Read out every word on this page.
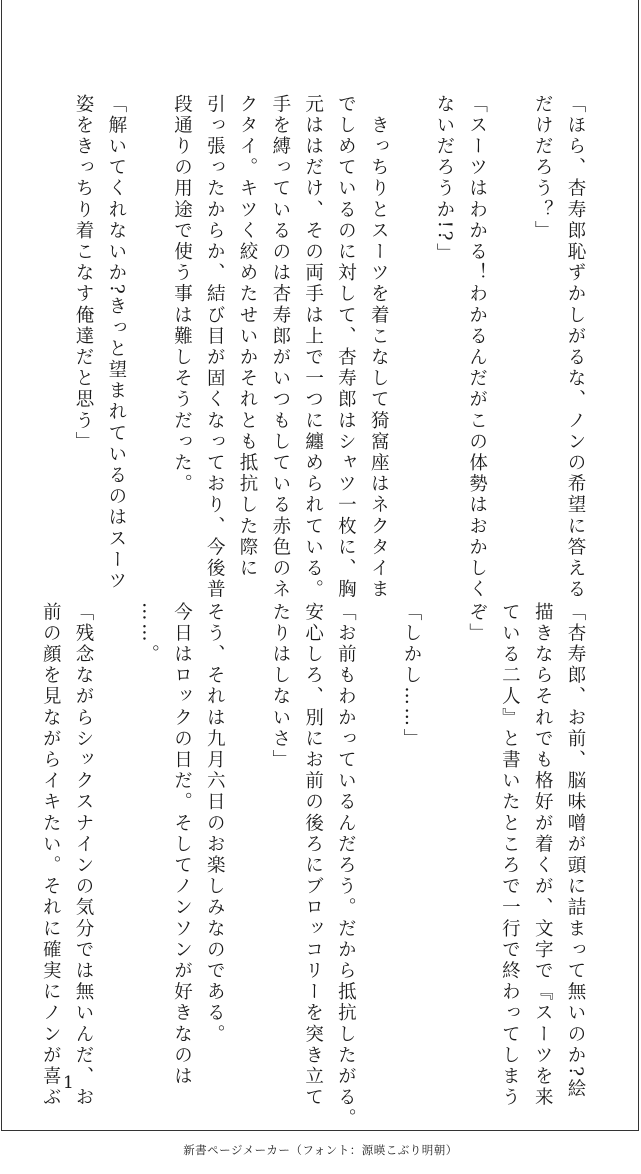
「ほら、杏寿郎恥ずかしがるな、ノンの希望に答える
だけだろう？」

「スーツはわかる！わかるんだがこの体勢はおかしく
ないだろうか!?」

　きっちりとスーツを着こなして猗窩座はネクタイま
でしめているのに対して、杏寿郎はシャツ一枚に、胸
元ははだけ、その両手は上で一つに纏められている。
手を縛っているのは杏寿郎がいつもしている赤色のネ
クタイ。キツく絞めたせいかそれとも抵抗した際に
引っ張ったからか、結び目が固くなっており、今後普
段通りの用途で使う事は難しそうだった。

「解いてくれないか?きっと望まれているのはスーツ
姿をきっちり着こなす俺達だと思う」
「杏寿郎、お前、脳味噌が頭に詰まって無いのか?絵
描きならそれでも格好が着くが、文字で『スーツを来
ている二人』と書いたところで一行で終わってしまう
ぞ」

「しかし……」

「お前もわかっているんだろう。だから抵抗したがる。
安心しろ、別にお前の後ろにブロッコリーを突き立て
たりはしないさ」

そう、それは九月六日のお楽しみなのである。
今日はロックの日だ。そしてノンソンが好きなのは
……。

「残念ながらシックスナインの気分では無いんだ、お
前の顔を見ながらイキたい。それに確実にノンが喜ぶ 1
新書ページメーカー（フォント：源暎こぶり明朝）
